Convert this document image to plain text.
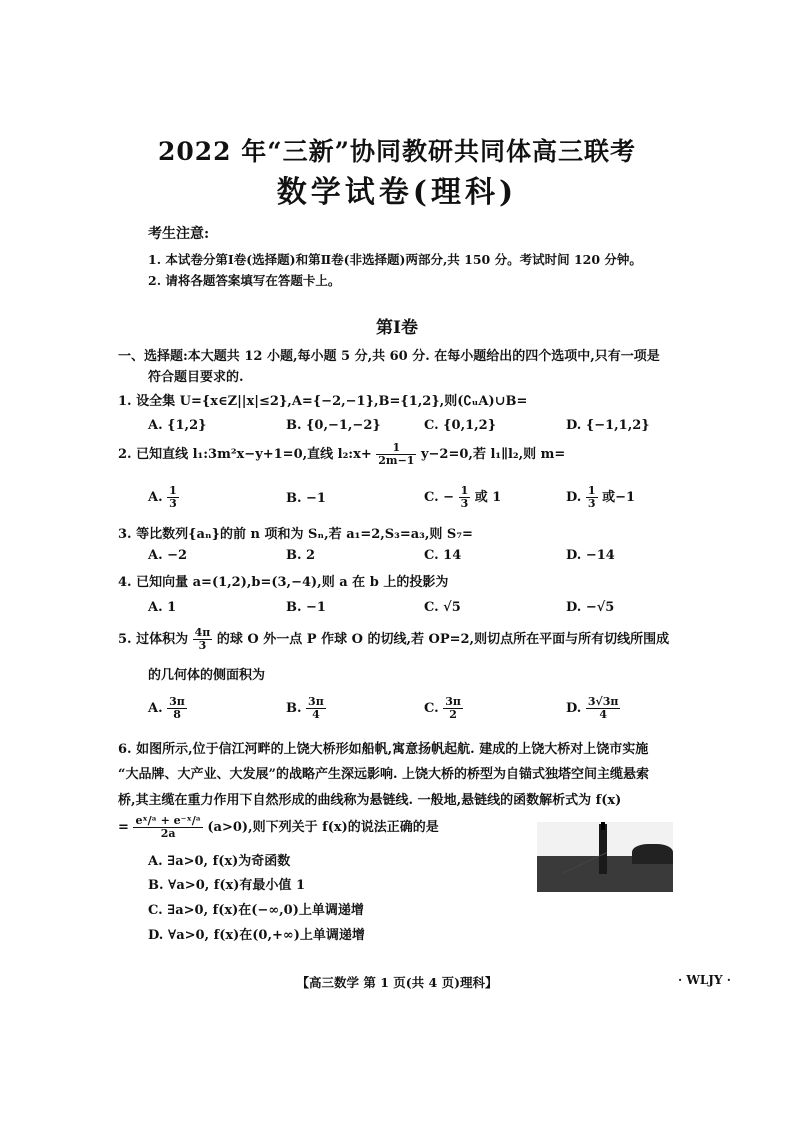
2022 年“三新”协同教研共同体高三联考
数学试卷(理科)
考生注意:
1. 本试卷分第Ⅰ卷(选择题)和第Ⅱ卷(非选择题)两部分,共 150 分。考试时间 120 分钟。
2. 请将各题答案填写在答题卡上。
第Ⅰ卷
一、选择题:本大题共 12 小题,每小题 5 分,共 60 分. 在每小题给出的四个选项中,只有一项是
符合题目要求的.
1. 设全集 U={x∈Z||x|≤2},A={−2,−1},B={1,2},则(∁ᵤA)∪B=
A. {1,2}	B. {0,−1,−2}	C. {0,1,2}	D. {−1,1,2}
2. 已知直线 l₁:3m²x−y+1=0,直线 l₂:x+ $\frac{1}{2m-1} y-2=0$,若 l₁∥l₂,则 m=
A. $\frac{1}{3}$	B. −1	C. − $\frac{1}{3}$ 或 1	D. $\frac{1}{3}$ 或−1
3. 等比数列{aₙ}的前 n 项和为 Sₙ,若 a₁=2,S₃=a₃,则 S₇=
A. −2	B. 2	C. 14	D. −14
4. 已知向量 a=(1,2),b=(3,−4),则 a 在 b 上的投影为
A. 1	B. −1	C. √5	D. −√5
5. 过体积为 $\frac{4\pi}{3}$ 的球 O 外一点 P 作球 O 的切线,若 OP=2,则切点所在平面与所有切线所围成
的几何体的侧面积为
A. $\frac{3\pi}{8}$	B. $\frac{3\pi}{4}$	C. $\frac{3\pi}{2}$	D. $\frac{3√3\pi}{4}$
6. 如图所示,位于信江河畔的上饶大桥形如船帆,寓意扬帆起航. 建成的上饶大桥对上饶市实施
“大品牌、大产业、大发展”的战略产生深远影响. 上饶大桥的桥型为自锚式独塔空间主缆悬索
桥,其主缆在重力作用下自然形成的曲线称为悬链线. 一般地,悬链线的函数解析式为 f(x)
= $\frac{\text{eˣ/ᵃ + e⁻ˣ/ᵃ}}{2a} (a>0)$,则下列关于 f(x)的说法正确的是
A. ∃a>0, f(x)为奇函数
B. ∀a>0, f(x)有最小值 1
C. ∃a>0, f(x)在(−∞,0)上单调递增
D. ∀a>0, f(x)在(0,+∞)上单调递增
【高三数学 第 1 页(共 4 页)理科】	· WLJY ·
